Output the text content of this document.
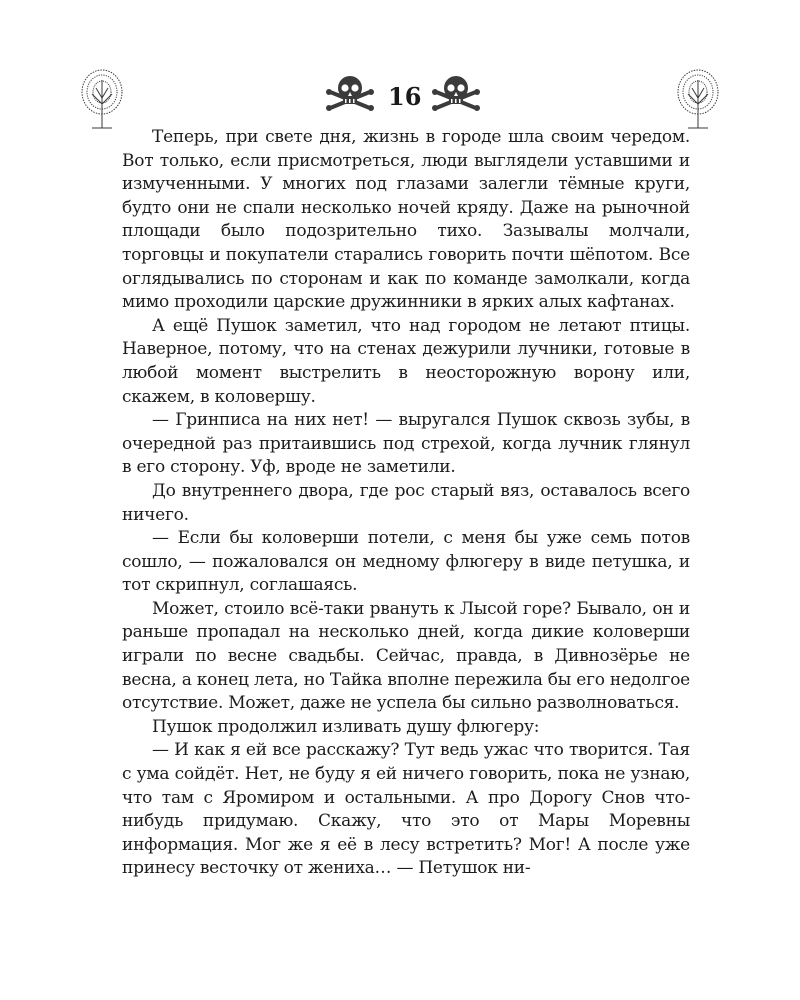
16

Теперь, при свете дня, жизнь в городе шла своим чередом. Вот только, если присмотреться, люди выглядели уставшими и измученными. У многих под глазами залегли тёмные круги, будто они не спали несколько ночей кряду. Даже на рыночной площади было подозрительно тихо. Зазывалы молчали, торговцы и покупатели старались говорить почти шёпотом. Все оглядывались по сторонам и как по команде замолкали, когда мимо проходили царские дружинники в ярких алых кафтанах.

А ещё Пушок заметил, что над городом не летают птицы. Наверное, потому, что на стенах дежурили лучники, готовые в любой момент выстрелить в неосторожную ворону или, скажем, в коловершу.

— Гринписа на них нет! — выругался Пушок сквозь зубы, в очередной раз притаившись под стрехой, когда лучник глянул в его сторону. Уф, вроде не заметили.

До внутреннего двора, где рос старый вяз, оставалось всего ничего.

— Если бы коловерши потели, с меня бы уже семь потов сошло, — пожаловался он медному флюгеру в виде петушка, и тот скрипнул, соглашаясь.

Может, стоило всё-таки рвануть к Лысой горе? Бывало, он и раньше пропадал на несколько дней, когда дикие коловерши играли по весне свадьбы. Сейчас, правда, в Дивнозёрье не весна, а конец лета, но Тайка вполне пережила бы его недолгое отсутствие. Может, даже не успела бы сильно разволноваться.

Пушок продолжил изливать душу флюгеру:

— И как я ей все расскажу? Тут ведь ужас что творится. Тая с ума сойдёт. Нет, не буду я ей ничего говорить, пока не узнаю, что там с Яромиром и остальными. А про Дорогу Снов что-нибудь придумаю. Скажу, что это от Мары Моревны информация. Мог же я её в лесу встретить? Мог! А после уже принесу весточку от жениха… — Петушок ни-
